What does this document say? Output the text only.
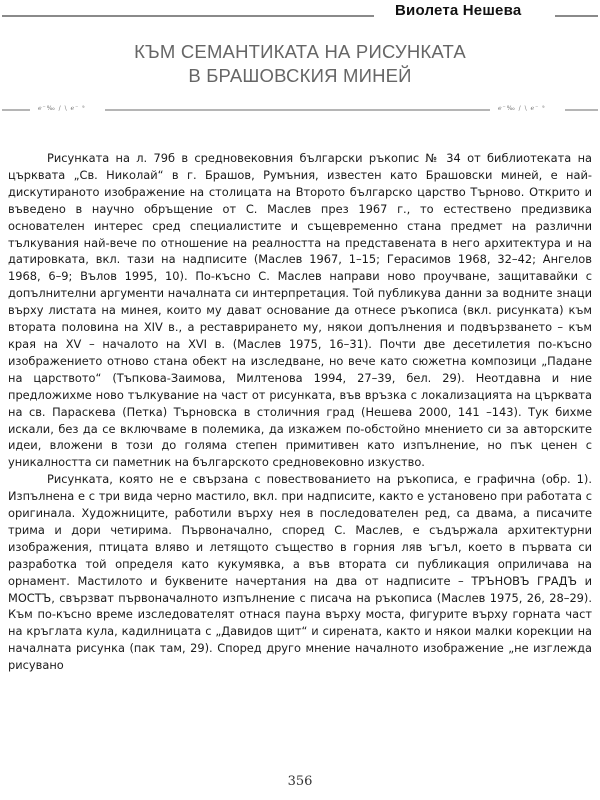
Виолета Нешева
КЪМ СЕМАНТИКАТА НА РИСУНКАТА
В БРАШОВСКИЯ МИНЕЙ
ℯ⁻‰ / \ ℯ⁻ ⁹	ℯ⁻‰ / \ ℯ⁻ ⁹

Рисунката на л. 79б в средновековния български ръкопис № 34 от библиотеката на църквата „Св. Николай“ в г. Брашов, Румъния, известен като Брашовски миней, е най-дискутираното изображение на столицата на Второто българско царство Търново. Открито и въведено в научно обръщение от С. Маслев през 1967 г., то естествено предизвика основателен интерес сред специалистите и същевременно стана предмет на различни тълкувания най-вече по отношение на реалността на представената в него архитектура и на датировката, вкл. тази на надписите (Маслев 1967, 1–15; Герасимов 1968, 32–42; Ангелов 1968, 6–9; Вълов 1995, 10). По-късно С. Маслев направи ново проучване, защитавайки с допълнителни аргументи началната си интерпретация. Той публикува данни за водните знаци върху листата на минея, които му дават основание да отнесе ръкописа (вкл. рисунката) към втората половина на XIV в., а реставрирането му, някои допълнения и подвързването – към края на XV – началото на XVI в. (Маслев 1975, 16–31). Почти две десетилетия по-късно изображението отново стана обект на изследване, но вече като сюжетна композици „Падане на царството“ (Тъпкова-Заимова, Милтенова 1994, 27–39, бел. 29). Неотдавна и ние предложихме ново тълкувание на част от рисунката, във връзка с локализацията на църквата на св. Параскева (Петка) Търновска в столичния град (Нешева 2000, 141 –143). Тук бихме искали, без да се включваме в полемика, да изкажем по-обстойно мнението си за авторските идеи, вложени в този до голяма степен примитивен като изпълнение, но пък ценен с уникалността си паметник на българското средновековно изкуство.

Рисунката, която не е свързана с повествованието на ръкописа, е графична (обр. 1). Изпълнена е с три вида черно мастило, вкл. при надписите, както е установено при работата с оригинала. Художниците, работили върху нея в последователен ред, са двама, а писачите трима и дори четирима. Първоначално, според С. Маслев, е съдържала архитектурни изображения, птицата вляво и летящото същество в горния ляв ъгъл, което в първата си разработка той определя като кукумявка, а във втората си публикация оприличава на орнамент. Мастилото и буквените начертания на два от надписите – ТРЪНОВЪ ГРАДЪ и МОСТЪ, свързват първоначалното изпълнение с писача на ръкописа (Маслев 1975, 26, 28–29). Към по-късно време изследователят отнася пауна върху моста, фигурите върху горната част на кръглата кула, кадилницата с „Давидов щит“ и сирената, както и някои малки корекции на началната рисунка (пак там, 29). Според друго мнение началното изображение „не изглежда рисувано

356
